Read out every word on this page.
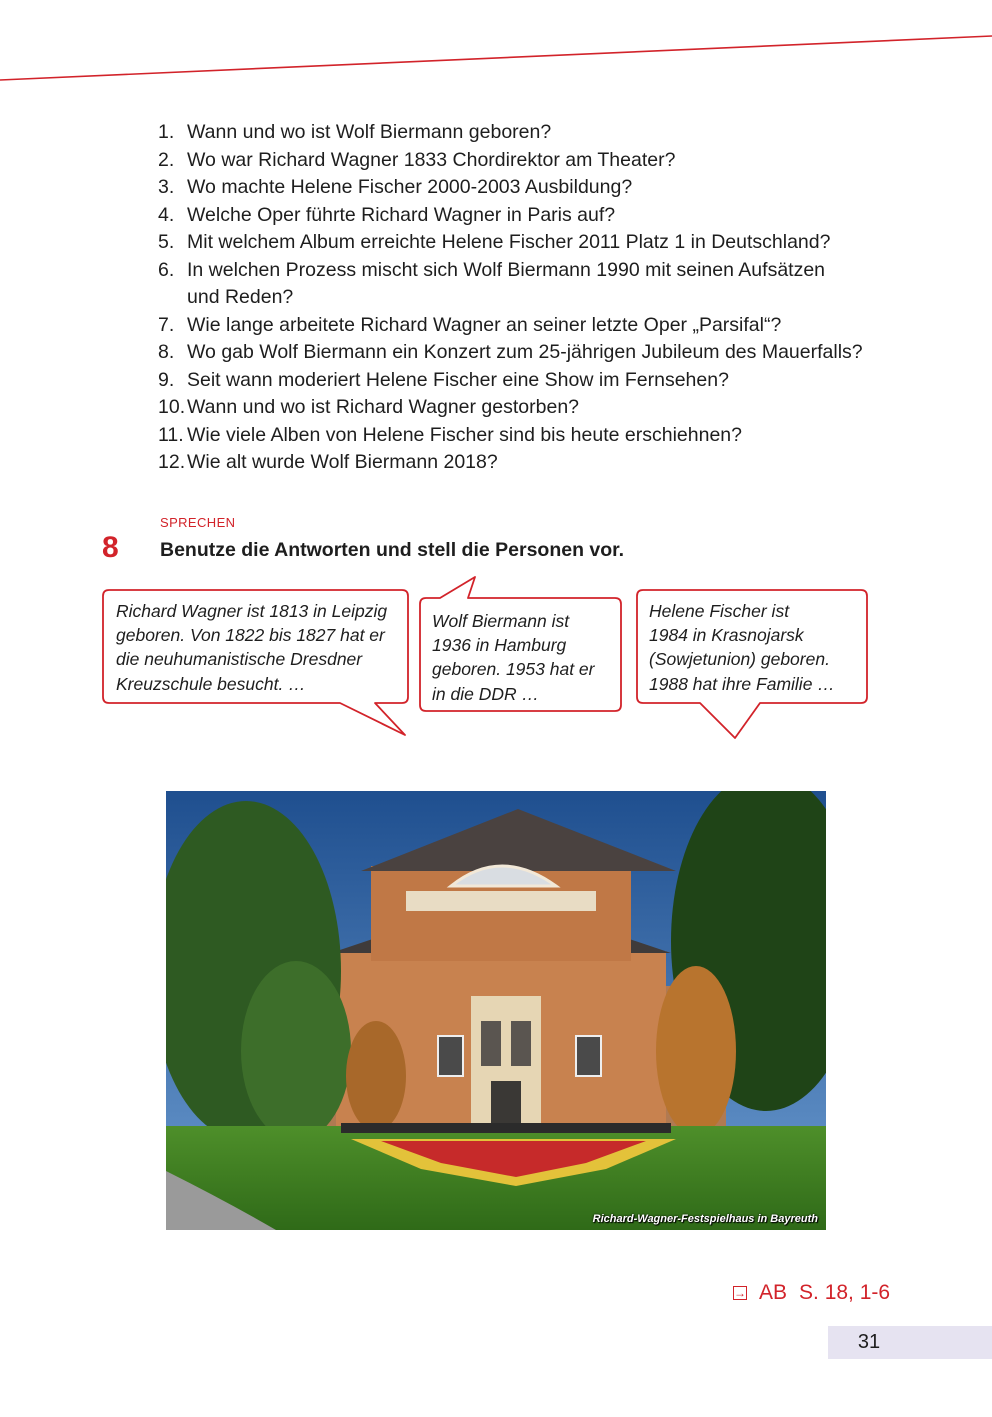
1. Wann und wo ist Wolf Biermann geboren?
2. Wo war Richard Wagner 1833 Chordirektor am Theater?
3. Wo machte Helene Fischer 2000-2003 Ausbildung?
4. Welche Oper führte Richard Wagner in Paris auf?
5. Mit welchem Album erreichte Helene Fischer 2011 Platz 1 in Deutschland?
6. In welchen Prozess mischt sich Wolf Biermann 1990 mit seinen Aufsätzen und Reden?
7. Wie lange arbeitete Richard Wagner an seiner letzte Oper „Parsifal“?
8. Wo gab Wolf Biermann ein Konzert zum 25-jährigen Jubileum des Mauerfalls?
9. Seit wann moderiert Helene Fischer eine Show im Fernsehen?
10. Wann und wo ist Richard Wagner gestorben?
11. Wie viele Alben von Helene Fischer sind bis heute erschiehnen?
12. Wie alt wurde Wolf Biermann 2018?
SPRECHEN
8 Benutze die Antworten und stell die Personen vor.
Richard Wagner ist 1813 in Leipzig
geboren. Von 1822 bis 1827 hat er
die neuhumanistische Dresdner
Kreuzschule besucht. …
Wolf Biermann ist
1936 in Hamburg
geboren. 1953 hat er
in die DDR …
Helene Fischer ist
1984 in Krasnojarsk
(Sowjetunion) geboren.
1988 hat ihre Familie …
Richard-Wagner-Festspielhaus in Bayreuth
→ AB S. 18, 1-6
31
